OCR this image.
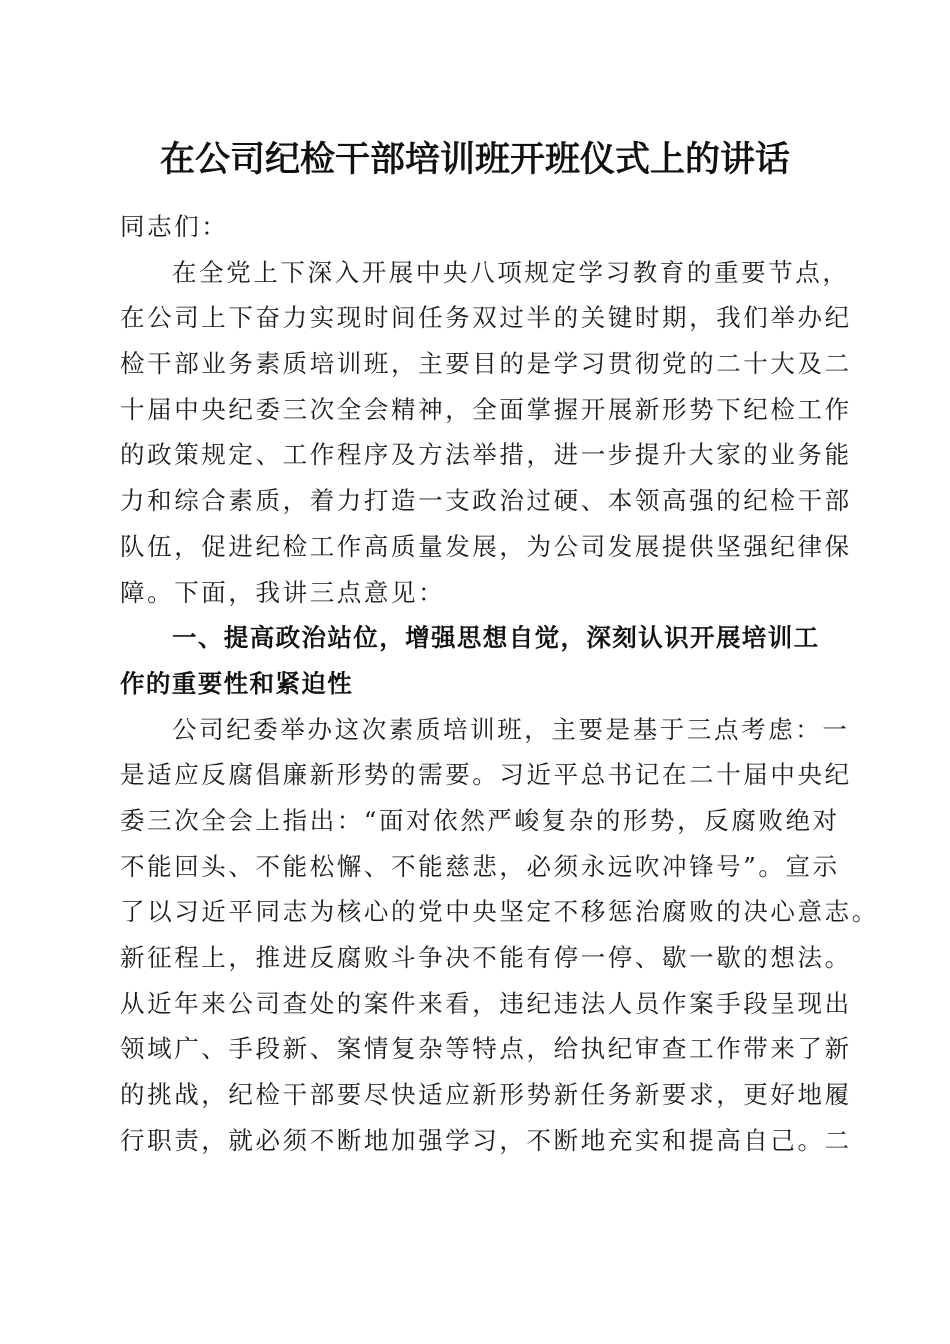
在公司纪检干部培训班开班仪式上的讲话
同志们：
在全党上下深入开展中央八项规定学习教育的重要节点，
在公司上下奋力实现时间任务双过半的关键时期，我们举办纪
检干部业务素质培训班，主要目的是学习贯彻党的二十大及二
十届中央纪委三次全会精神，全面掌握开展新形势下纪检工作
的政策规定、工作程序及方法举措，进一步提升大家的业务能
力和综合素质，着力打造一支政治过硬、本领高强的纪检干部
队伍，促进纪检工作高质量发展，为公司发展提供坚强纪律保
障。下面，我讲三点意见：
一、提高政治站位，增强思想自觉，深刻认识开展培训工
作的重要性和紧迫性
公司纪委举办这次素质培训班，主要是基于三点考虑：一
是适应反腐倡廉新形势的需要。习近平总书记在二十届中央纪
委三次全会上指出：“面对依然严峻复杂的形势，反腐败绝对
不能回头、不能松懈、不能慈悲，必须永远吹冲锋号”。宣示
了以习近平同志为核心的党中央坚定不移惩治腐败的决心意志。
新征程上，推进反腐败斗争决不能有停一停、歇一歇的想法。
从近年来公司查处的案件来看，违纪违法人员作案手段呈现出
领域广、手段新、案情复杂等特点，给执纪审查工作带来了新
的挑战，纪检干部要尽快适应新形势新任务新要求，更好地履
行职责，就必须不断地加强学习，不断地充实和提高自己。二
